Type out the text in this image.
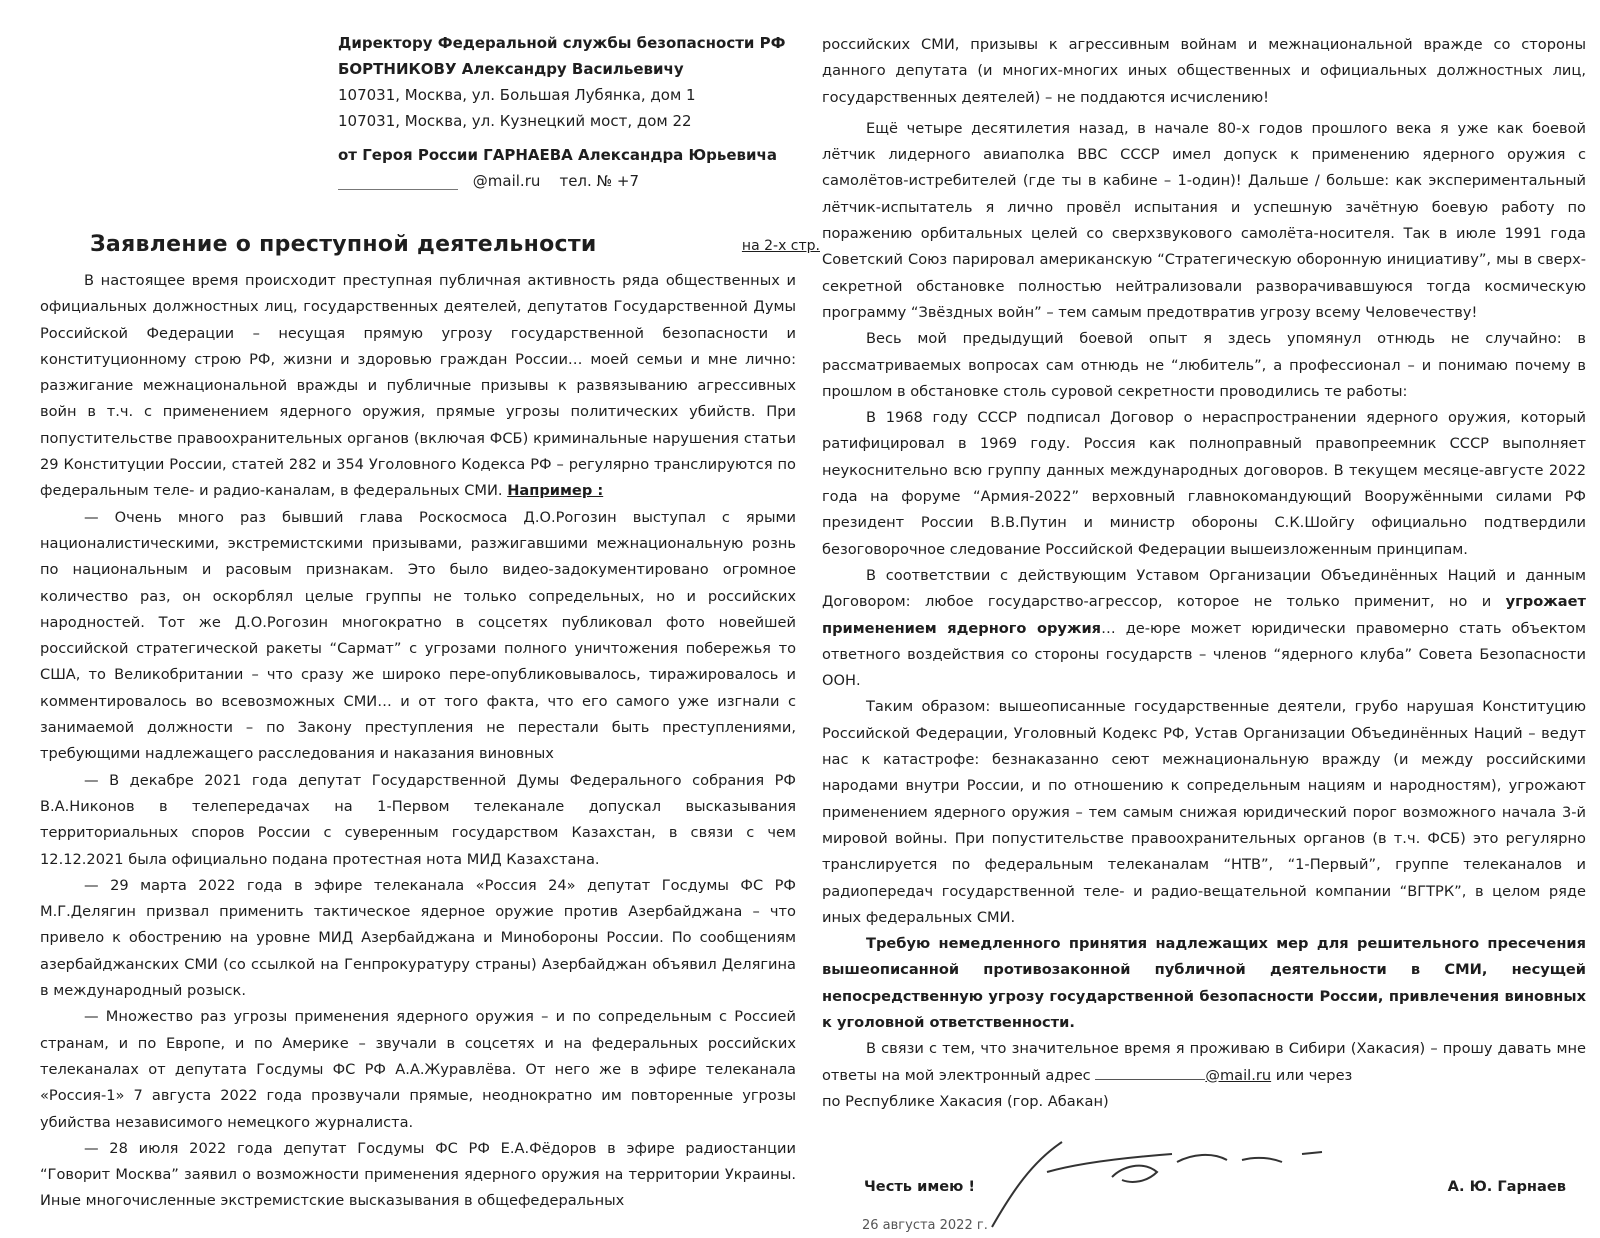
Директору Федеральной службы безопасности РФ
БОРТНИКОВУ Александру Васильевичу
107031, Москва, ул. Большая Лубянка, дом 1
107031, Москва, ул. Кузнецкий мост, дом 22
от Героя России ГАРНАЕВА Александра Юрьевича
@mail.ru тел. № +7
Заявление о преступной деятельности	на 2-х стр.

В настоящее время происходит преступная публичная активность ряда общественных и официальных должностных лиц, государственных деятелей, депутатов Государственной Думы Российской Федерации – несущая прямую угрозу государственной безопасности и конституционному строю РФ, жизни и здоровью граждан России… моей семьи и мне лично: разжигание межнациональной вражды и публичные призывы к развязыванию агрессивных войн в т.ч. с применением ядерного оружия, прямые угрозы политических убийств. При попустительстве правоохранительных органов (включая ФСБ) криминальные нарушения статьи 29 Конституции России, статей 282 и 354 Уголовного Кодекса РФ – регулярно транслируются по федеральным теле- и радио-каналам, в федеральных СМИ. Например :

— Очень много раз бывший глава Роскосмоса Д.О.Рогозин выступал с ярыми националистическими, экстремистскими призывами, разжигавшими межнациональную рознь по национальным и расовым признакам. Это было видео-задокументировано огромное количество раз, он оскорблял целые группы не только сопредельных, но и российских народностей. Тот же Д.О.Рогозин многократно в соцсетях публиковал фото новейшей российской стратегической ракеты “Сармат” с угрозами полного уничтожения побережья то США, то Великобритании – что сразу же широко пере-опубликовывалось, тиражировалось и комментировалось во всевозможных СМИ… и от того факта, что его самого уже изгнали с занимаемой должности – по Закону преступления не перестали быть преступлениями, требующими надлежащего расследования и наказания виновных

— В декабре 2021 года депутат Государственной Думы Федерального собрания РФ В.А.Никонов в телепередачах на 1-Первом телеканале допускал высказывания территориальных споров России с суверенным государством Казахстан, в связи с чем 12.12.2021 была официально подана протестная нота МИД Казахстана.

— 29 марта 2022 года в эфире телеканала «Россия 24» депутат Госдумы ФС РФ М.Г.Делягин призвал применить тактическое ядерное оружие против Азербайджана – что привело к обострению на уровне МИД Азербайджана и Минобороны России. По сообщениям азербайджанских СМИ (со ссылкой на Генпрокуратуру страны) Азербайджан объявил Делягина в международный розыск.

— Множество раз угрозы применения ядерного оружия – и по сопредельным с Россией странам, и по Европе, и по Америке – звучали в соцсетях и на федеральных российских телеканалах от депутата Госдумы ФС РФ А.А.Журавлёва. От него же в эфире телеканала «Россия-1» 7 августа 2022 года прозвучали прямые, неоднократно им повторенные угрозы убийства независимого немецкого журналиста.

— 28 июля 2022 года депутат Госдумы ФС РФ Е.А.Фёдоров в эфире радиостанции “Говорит Москва” заявил о возможности применения ядерного оружия на территории Украины. Иные многочисленные экстремистские высказывания в общефедеральных

российских СМИ, призывы к агрессивным войнам и межнациональной вражде со стороны данного депутата (и многих-многих иных общественных и официальных должностных лиц, государственных деятелей) – не поддаются исчислению!

Ещё четыре десятилетия назад, в начале 80-х годов прошлого века я уже как боевой лётчик лидерного авиаполка ВВС СССР имел допуск к применению ядерного оружия с самолётов-истребителей (где ты в кабине – 1-один)! Дальше / больше: как экспериментальный лётчик-испытатель я лично провёл испытания и успешную зачётную боевую работу по поражению орбитальных целей со сверхзвукового самолёта-носителя. Так в июле 1991 года Советский Союз парировал американскую “Стратегическую оборонную инициативу”, мы в сверх-секретной обстановке полностью нейтрализовали разворачивавшуюся тогда космическую программу “Звёздных войн” – тем самым предотвратив угрозу всему Человечеству!

Весь мой предыдущий боевой опыт я здесь упомянул отнюдь не случайно: в рассматриваемых вопросах сам отнюдь не “любитель”, а профессионал – и понимаю почему в прошлом в обстановке столь суровой секретности проводились те работы:

В 1968 году СССР подписал Договор о нераспространении ядерного оружия, который ратифицировал в 1969 году. Россия как полноправный правопреемник СССР выполняет неукоснительно всю группу данных международных договоров. В текущем месяце-августе 2022 года на форуме “Армия-2022” верховный главнокомандующий Вооружёнными силами РФ президент России В.В.Путин и министр обороны С.К.Шойгу официально подтвердили безоговорочное следование Российской Федерации вышеизложенным принципам.

В соответствии с действующим Уставом Организации Объединённых Наций и данным Договором: любое государство-агрессор, которое не только применит, но и угрожает применением ядерного оружия… де-юре может юридически правомерно стать объектом ответного воздействия со стороны государств – членов “ядерного клуба” Совета Безопасности ООН.

Таким образом: вышеописанные государственные деятели, грубо нарушая Конституцию Российской Федерации, Уголовный Кодекс РФ, Устав Организации Объединённых Наций – ведут нас к катастрофе: безнаказанно сеют межнациональную вражду (и между российскими народами внутри России, и по отношению к сопредельным нациям и народностям), угрожают применением ядерного оружия – тем самым снижая юридический порог возможного начала 3-й мировой войны. При попустительстве правоохранительных органов (в т.ч. ФСБ) это регулярно транслируется по федеральным телеканалам “НТВ”, “1-Первый”, группе телеканалов и радиопередач государственной теле- и радио-вещательной компании “ВГТРК”, в целом ряде иных федеральных СМИ.

Требую немедленного принятия надлежащих мер для решительного пресечения вышеописанной противозаконной публичной деятельности в СМИ, несущей непосредственную угрозу государственной безопасности России, привлечения виновных к уголовной ответственности.

В связи с тем, что значительное время я проживаю в Сибири (Хакасия) – прошу давать мне ответы на мой электронный адрес	@mail.ru или через
по Республике Хакасия (гор. Абакан)

Честь имею !	А. Ю. Гарнаев
26 августа 2022 г.
